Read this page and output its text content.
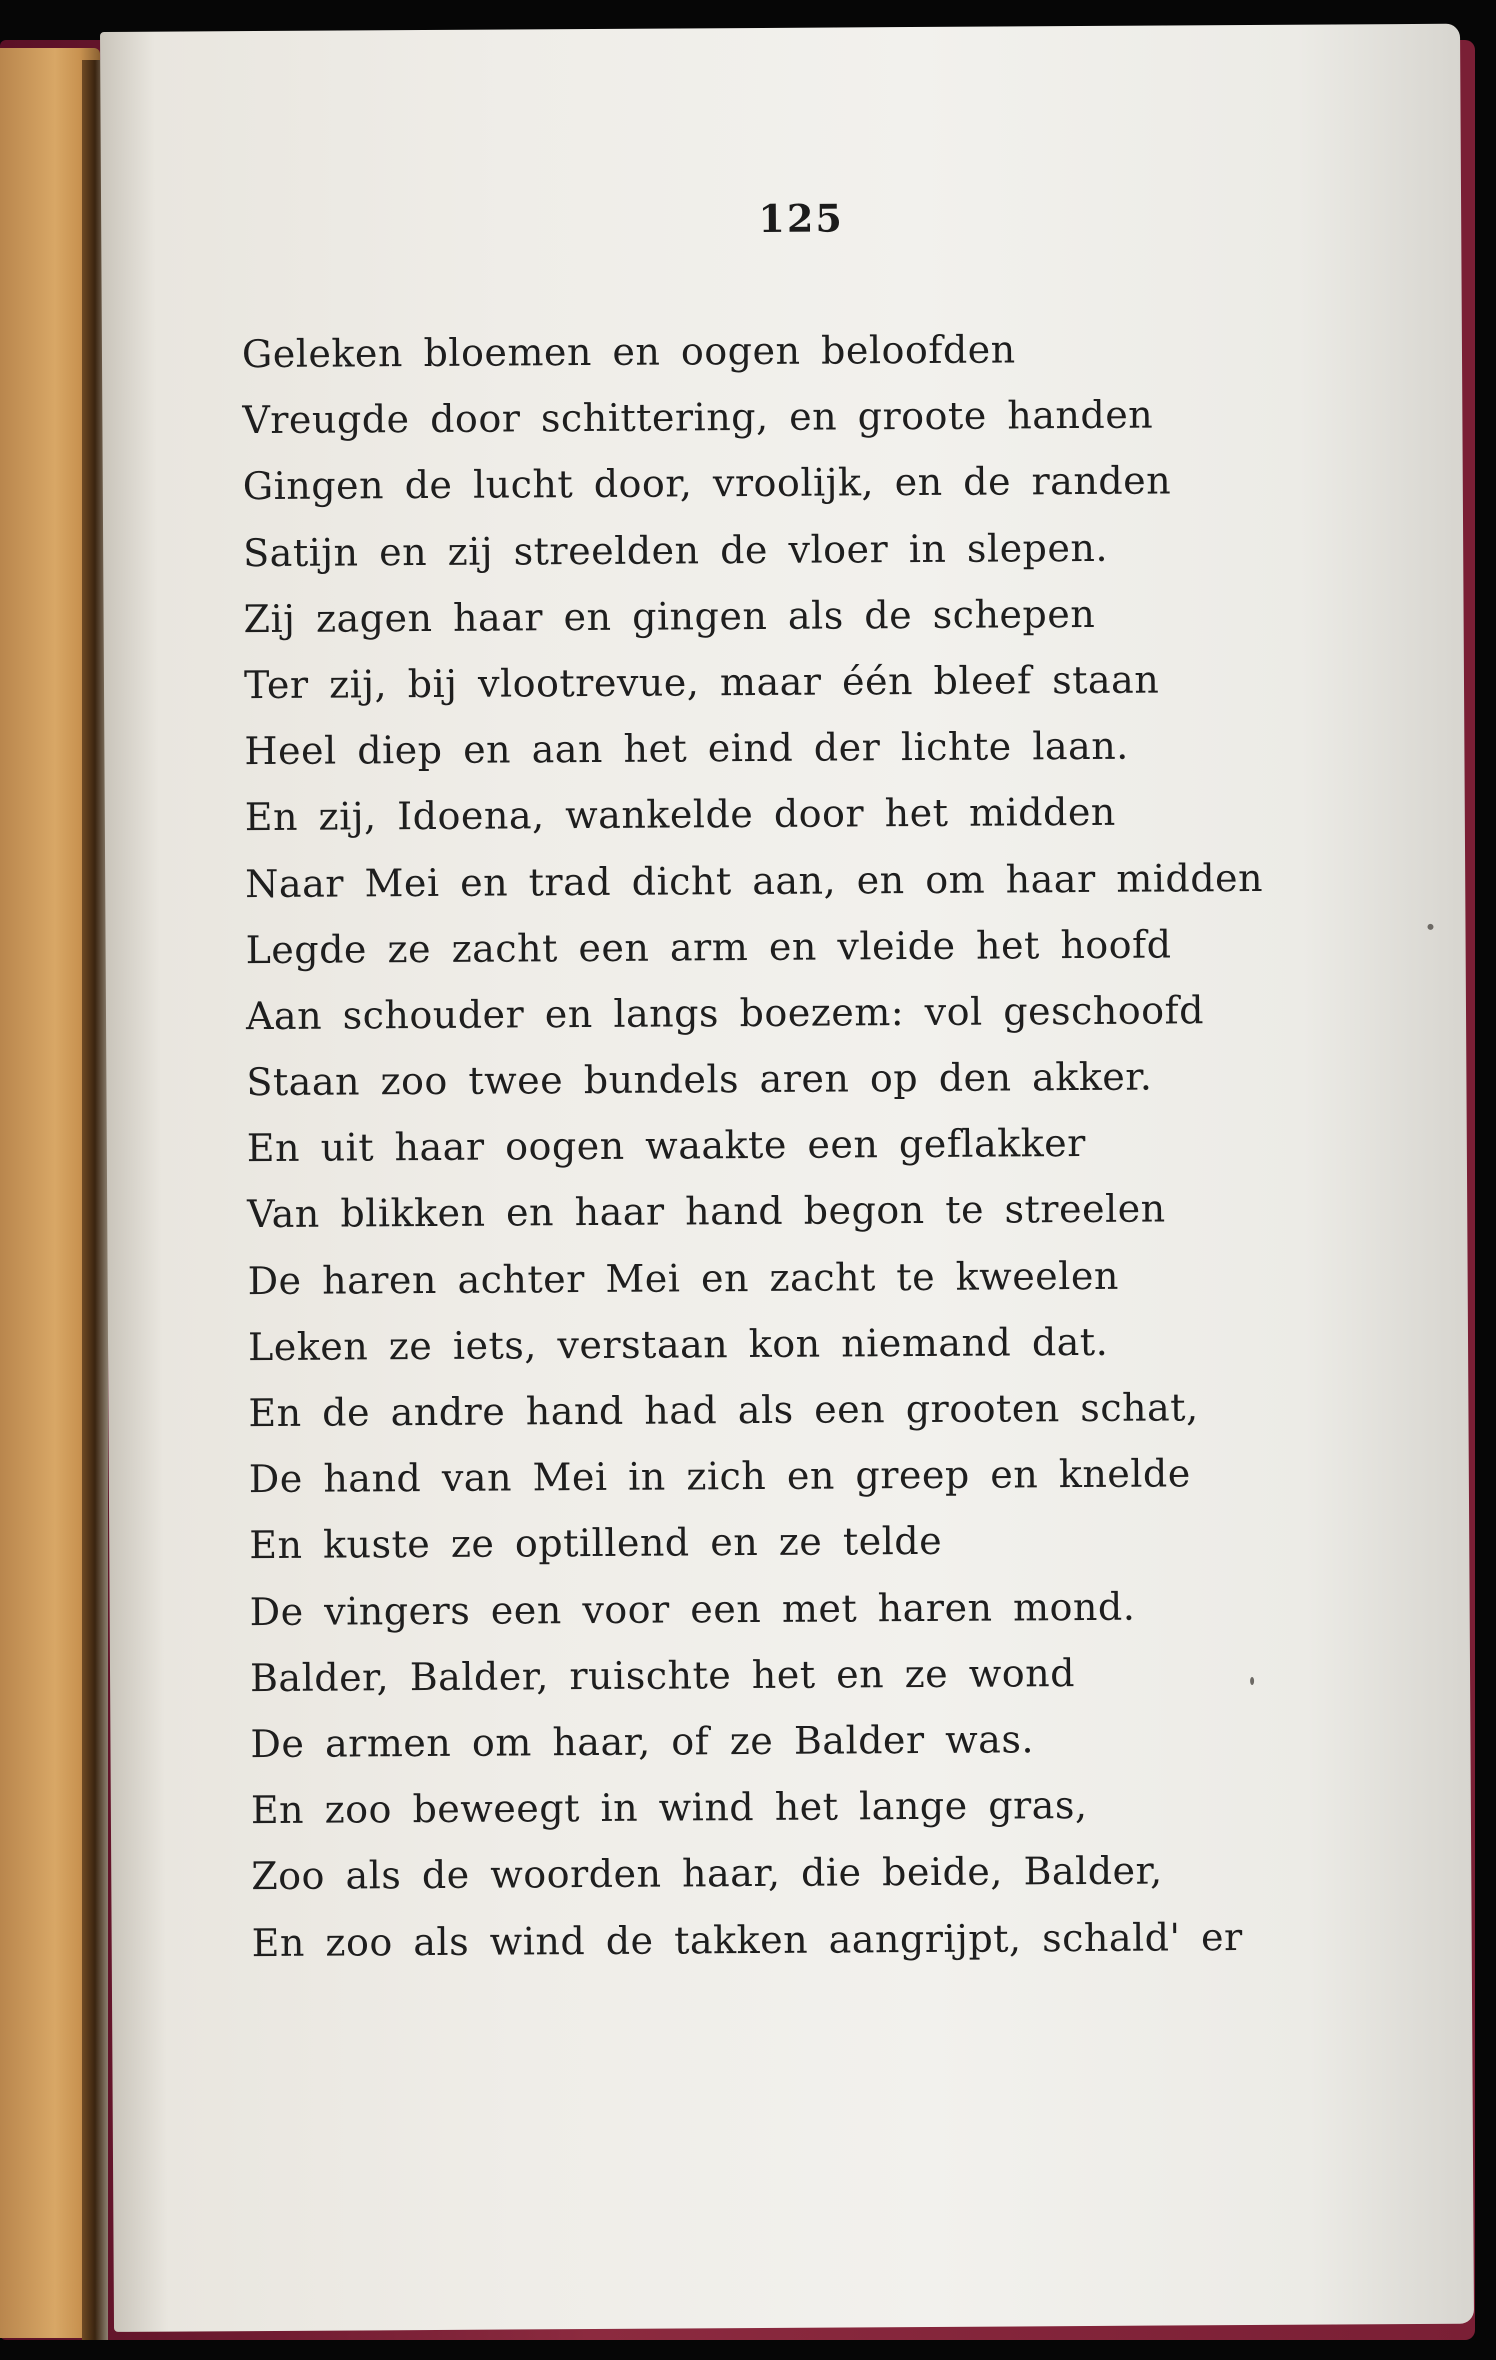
125
Geleken bloemen en oogen beloofden
Vreugde door schittering, en groote handen
Gingen de lucht door, vroolijk, en de randen
Satijn en zij streelden de vloer in slepen.
Zij zagen haar en gingen als de schepen
Ter zij, bij vlootrevue, maar één bleef staan
Heel diep en aan het eind der lichte laan.
En zij, Idoena, wankelde door het midden
Naar Mei en trad dicht aan, en om haar midden
Legde ze zacht een arm en vleide het hoofd
Aan schouder en langs boezem: vol geschoofd
Staan zoo twee bundels aren op den akker.
En uit haar oogen waakte een geflakker
Van blikken en haar hand begon te streelen
De haren achter Mei en zacht te kweelen
Leken ze iets, verstaan kon niemand dat.
En de andre hand had als een grooten schat,
De hand van Mei in zich en greep en knelde
En kuste ze optillend en ze telde
De vingers een voor een met haren mond.
Balder, Balder, ruischte het en ze wond
De armen om haar, of ze Balder was.
En zoo beweegt in wind het lange gras,
Zoo als de woorden haar, die beide, Balder,
En zoo als wind de takken aangrijpt, schald' er
